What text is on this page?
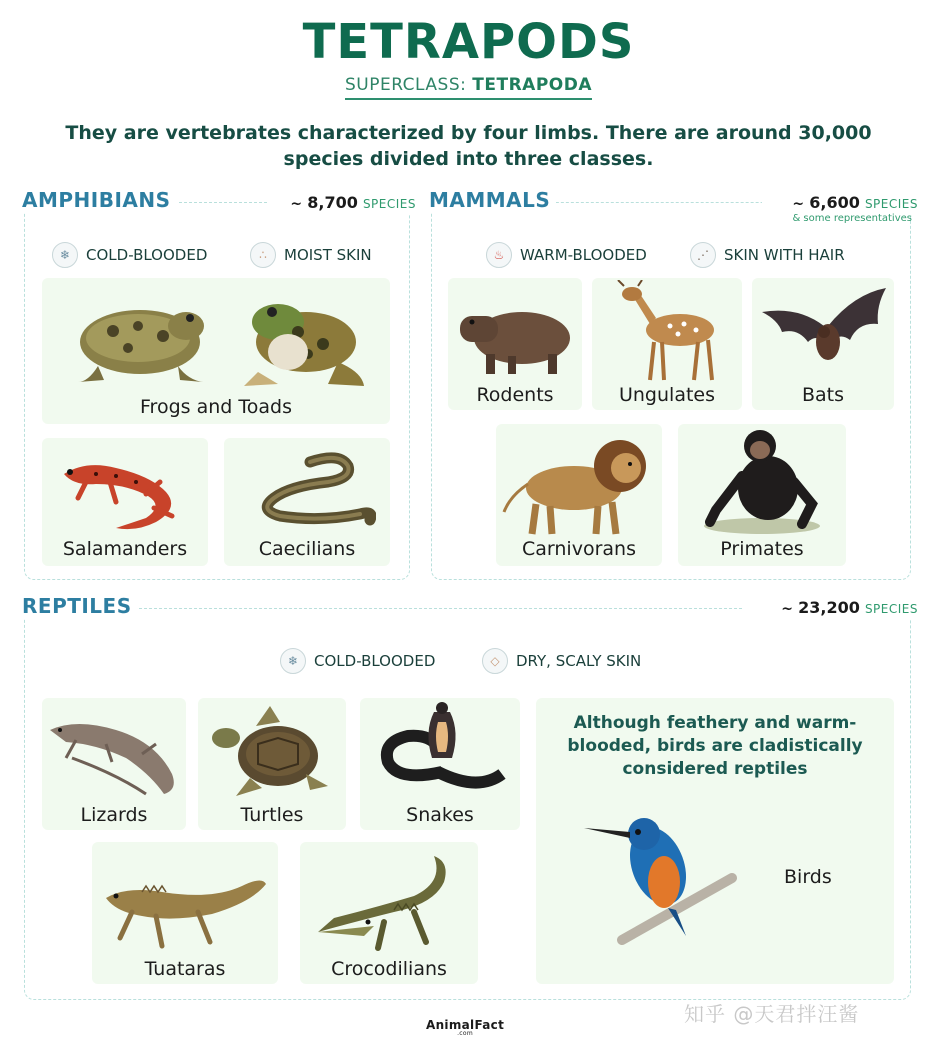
TETRAPODS
SUPERCLASS: TETRAPODA
They are vertebrates characterized by four limbs. There are around 30,000 species divided into three classes.
AMPHIBIANS	~ 8,700 SPECIES
❄	COLD-BLOODED	∴	MOIST SKIN
Frogs and Toads
Salamanders	Caecilians
MAMMALS	~ 6,600 SPECIES
& some representatives
♨	WARM-BLOODED	⋰	SKIN WITH HAIR
Rodents	Ungulates	Bats
Carnivorans	Primates
REPTILES	~ 23,200 SPECIES
❄	COLD-BLOODED	◇	DRY, SCALY SKIN
Lizards	Turtles	Snakes
Tuataras	Crocodilians
Although feathery and warm-blooded, birds are cladistically considered reptiles
Birds
AnimalFact
.com
知乎 @天君拌汪酱
